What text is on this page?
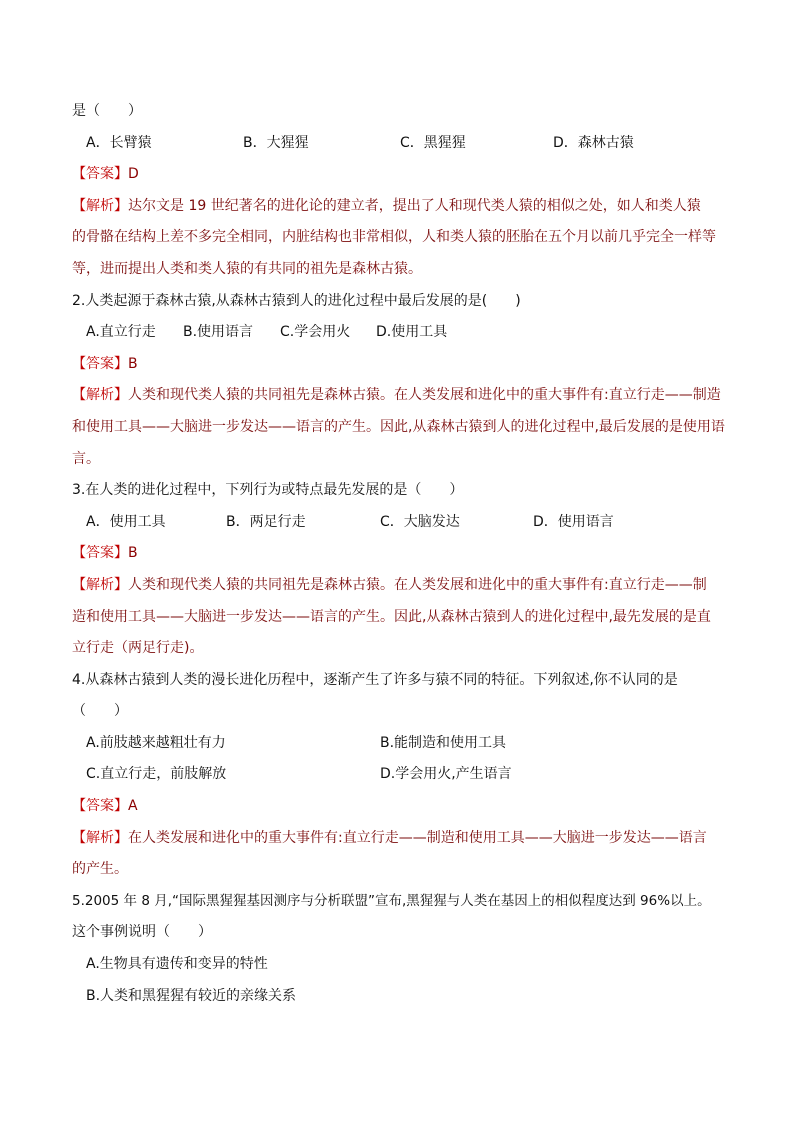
是（　　）
A．长臂猿	B．大猩猩	C．黑猩猩	D．森林古猿
【答案】D
【解析】达尔文是 19 世纪著名的进化论的建立者，提出了人和现代类人猿的相似之处，如人和类人猿
的骨骼在结构上差不多完全相同，内脏结构也非常相似，人和类人猿的胚胎在五个月以前几乎完全一样等
等，进而提出人类和类人猿的有共同的祖先是森林古猿。
2.人类起源于森林古猿,从森林古猿到人的进化过程中最后发展的是(　　)
A.直立行走 B.使用语言 C.学会用火 D.使用工具
【答案】B
【解析】人类和现代类人猿的共同祖先是森林古猿。在人类发展和进化中的重大事件有:直立行走——制造
和使用工具——大脑进一步发达——语言的产生。因此,从森林古猿到人的进化过程中,最后发展的是使用语
言。
3.在人类的进化过程中，下列行为或特点最先发展的是（　　）
A．使用工具	B．两足行走	C．大脑发达	D．使用语言
【答案】B
【解析】人类和现代类人猿的共同祖先是森林古猿。在人类发展和进化中的重大事件有:直立行走——制
造和使用工具——大脑进一步发达——语言的产生。因此,从森林古猿到人的进化过程中,最先发展的是直
立行走（两足行走)。
4.从森林古猿到人类的漫长进化历程中，逐渐产生了许多与猿不同的特征。下列叙述,你不认同的是
（　　）
A.前肢越来越粗壮有力	B.能制造和使用工具
C.直立行走，前肢解放	D.学会用火,产生语言
【答案】A
【解析】在人类发展和进化中的重大事件有:直立行走——制造和使用工具——大脑进一步发达——语言
的产生。
5.2005 年 8 月,“国际黑猩猩基因测序与分析联盟”宣布,黑猩猩与人类在基因上的相似程度达到 96%以上。
这个事例说明（　　）
A.生物具有遗传和变异的特性
B.人类和黑猩猩有较近的亲缘关系
